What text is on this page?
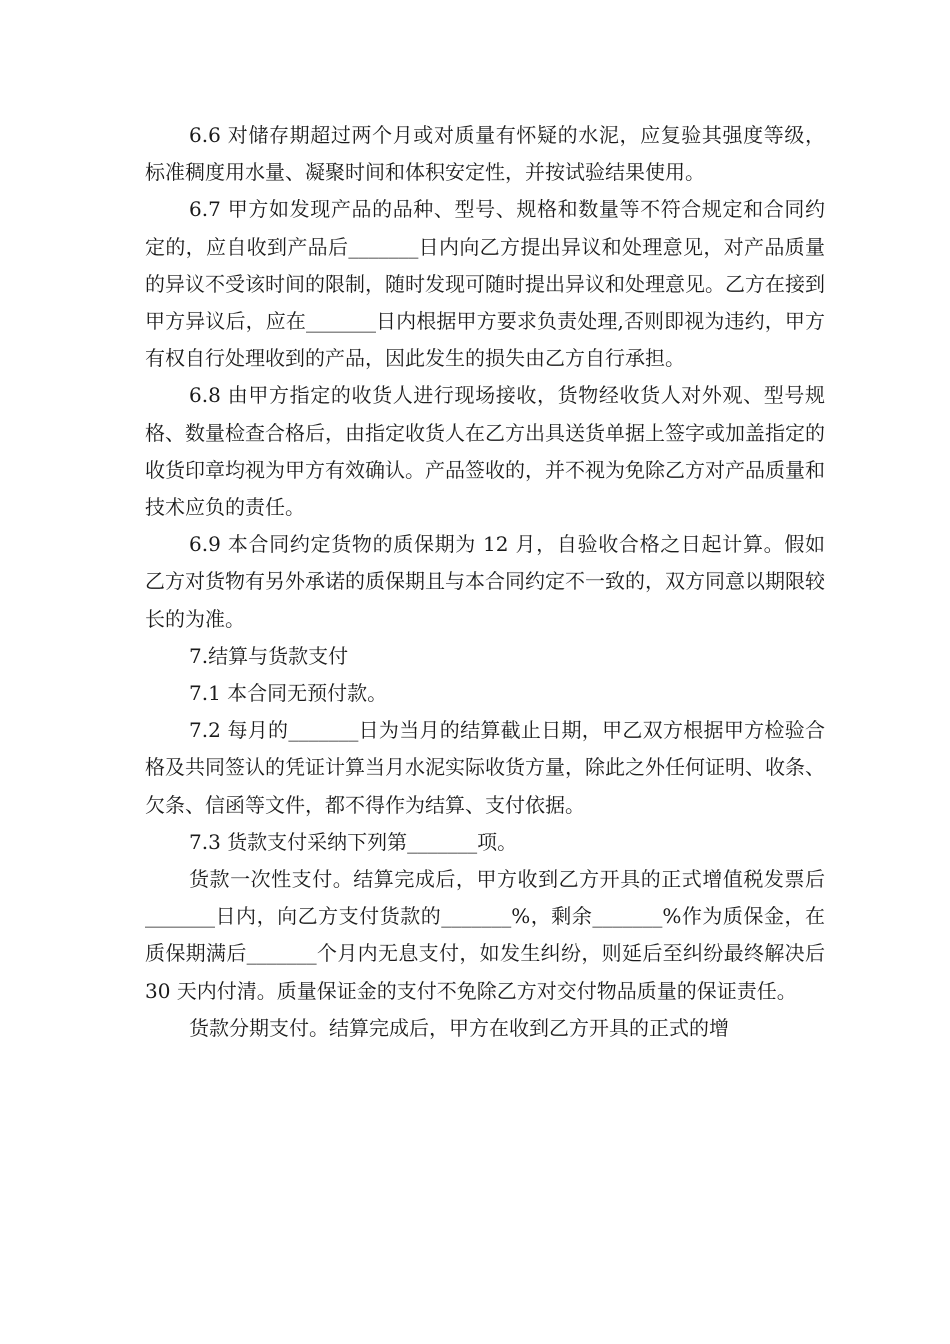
6.6 对储存期超过两个月或对质量有怀疑的水泥，应复验其强度等级，标准稠度用水量、凝聚时间和体积安定性，并按试验结果使用。

6.7 甲方如发现产品的品种、型号、规格和数量等不符合规定和合同约定的，应自收到产品后_______日内向乙方提出异议和处理意见，对产品质量的异议不受该时间的限制，随时发现可随时提出异议和处理意见。乙方在接到甲方异议后，应在_______日内根据甲方要求负责处理,否则即视为违约，甲方有权自行处理收到的产品，因此发生的损失由乙方自行承担。

6.8 由甲方指定的收货人进行现场接收，货物经收货人对外观、型号规格、数量检查合格后，由指定收货人在乙方出具送货单据上签字或加盖指定的收货印章均视为甲方有效确认。产品签收的，并不视为免除乙方对产品质量和技术应负的责任。

6.9 本合同约定货物的质保期为 12 月，自验收合格之日起计算。假如乙方对货物有另外承诺的质保期且与本合同约定不一致的，双方同意以期限较长的为准。

7.结算与货款支付

7.1 本合同无预付款。

7.2 每月的_______日为当月的结算截止日期，甲乙双方根据甲方检验合格及共同签认的凭证计算当月水泥实际收货方量，除此之外任何证明、收条、欠条、信函等文件，都不得作为结算、支付依据。

7.3 货款支付采纳下列第_______项。

货款一次性支付。结算完成后，甲方收到乙方开具的正式增值税发票后_______日内，向乙方支付货款的_______%，剩余_______%作为质保金，在质保期满后_______个月内无息支付，如发生纠纷，则延后至纠纷最终解决后 30 天内付清。质量保证金的支付不免除乙方对交付物品质量的保证责任。

货款分期支付。结算完成后，甲方在收到乙方开具的正式的增
